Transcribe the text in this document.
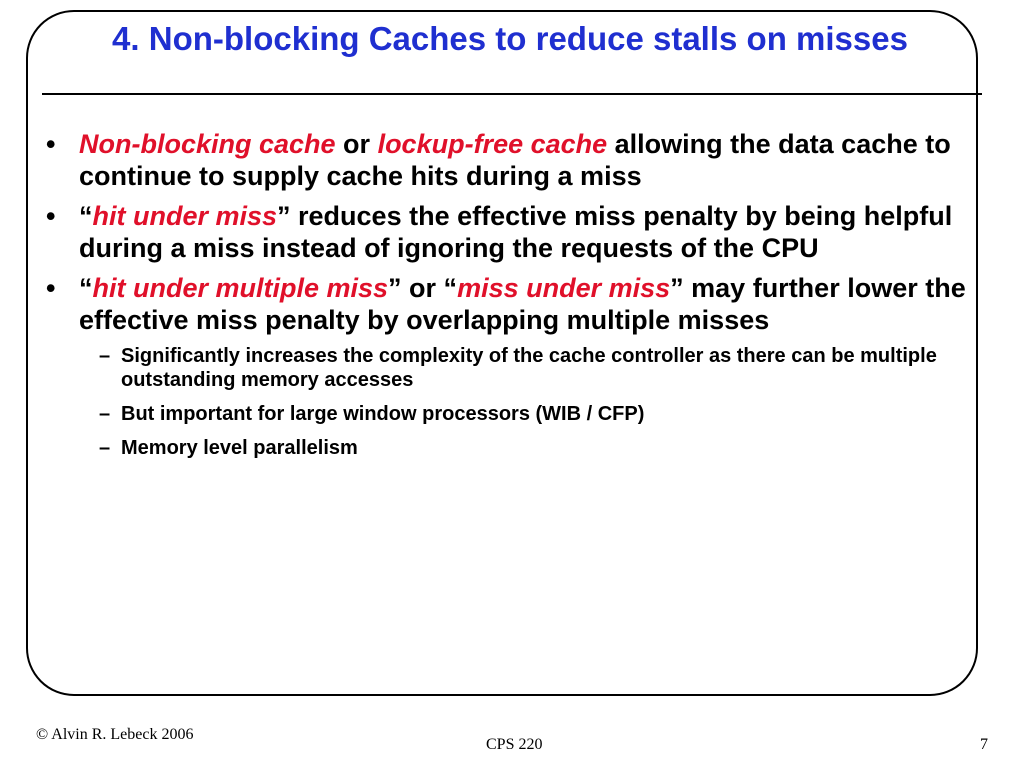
4. Non-blocking Caches to reduce stalls on misses
• Non-blocking cache or lockup-free cache allowing the data cache to continue to supply cache hits during a miss
• “hit under miss” reduces the effective miss penalty by being helpful during a miss instead of ignoring the requests of the CPU
• “hit under multiple miss” or “miss under miss” may further lower the effective miss penalty by overlapping multiple misses
– Significantly increases the complexity of the cache controller as there can be multiple outstanding memory accesses
– But important for large window processors (WIB / CFP)
– Memory level parallelism
© Alvin R. Lebeck 2006
CPS 220	7
